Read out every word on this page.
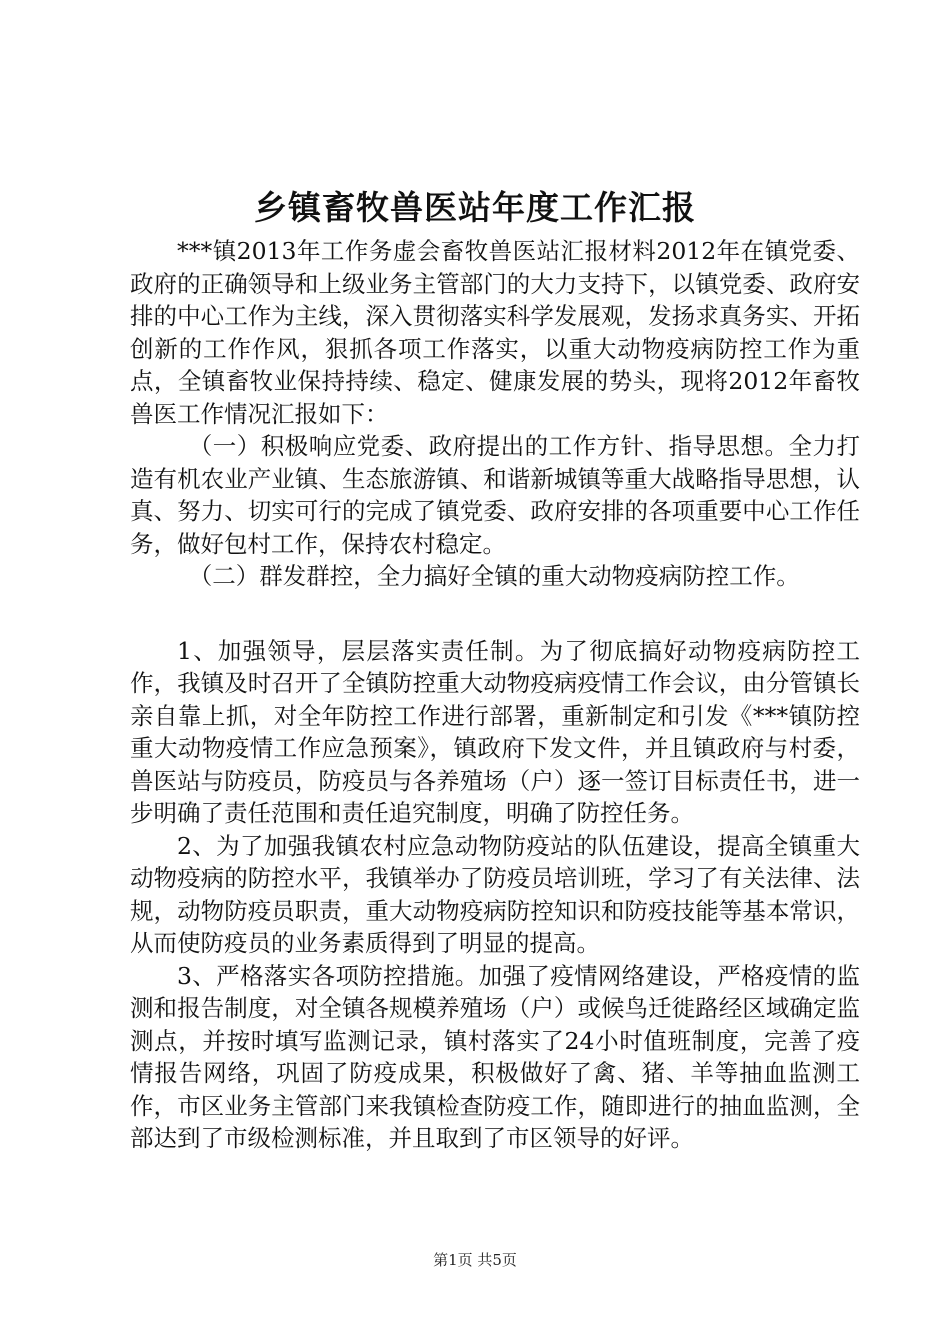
乡镇畜牧兽医站年度工作汇报

***镇2013年工作务虚会畜牧兽医站汇报材料2012年在镇党委、政府的正确领导和上级业务主管部门的大力支持下，以镇党委、政府安排的中心工作为主线，深入贯彻落实科学发展观，发扬求真务实、开拓创新的工作作风，狠抓各项工作落实，以重大动物疫病防控工作为重点，全镇畜牧业保持持续、稳定、健康发展的势头，现将2012年畜牧兽医工作情况汇报如下：

（一）积极响应党委、政府提出的工作方针、指导思想。全力打造有机农业产业镇、生态旅游镇、和谐新城镇等重大战略指导思想，认真、努力、切实可行的完成了镇党委、政府安排的各项重要中心工作任务，做好包村工作，保持农村稳定。

（二）群发群控，全力搞好全镇的重大动物疫病防控工作。

1、加强领导，层层落实责任制。为了彻底搞好动物疫病防控工作，我镇及时召开了全镇防控重大动物疫病疫情工作会议，由分管镇长亲自靠上抓，对全年防控工作进行部署，重新制定和引发《***镇防控重大动物疫情工作应急预案》，镇政府下发文件，并且镇政府与村委，兽医站与防疫员，防疫员与各养殖场（户）逐一签订目标责任书，进一步明确了责任范围和责任追究制度，明确了防控任务。

2、为了加强我镇农村应急动物防疫站的队伍建设，提高全镇重大动物疫病的防控水平，我镇举办了防疫员培训班，学习了有关法律、法规，动物防疫员职责，重大动物疫病防控知识和防疫技能等基本常识，从而使防疫员的业务素质得到了明显的提高。

3、严格落实各项防控措施。加强了疫情网络建设，严格疫情的监测和报告制度，对全镇各规模养殖场（户）或候鸟迁徙路经区域确定监测点，并按时填写监测记录，镇村落实了24小时值班制度，完善了疫情报告网络，巩固了防疫成果，积极做好了禽、猪、羊等抽血监测工作，市区业务主管部门来我镇检查防疫工作，随即进行的抽血监测，全部达到了市级检测标准，并且取到了市区领导的好评。

第1页 共5页
